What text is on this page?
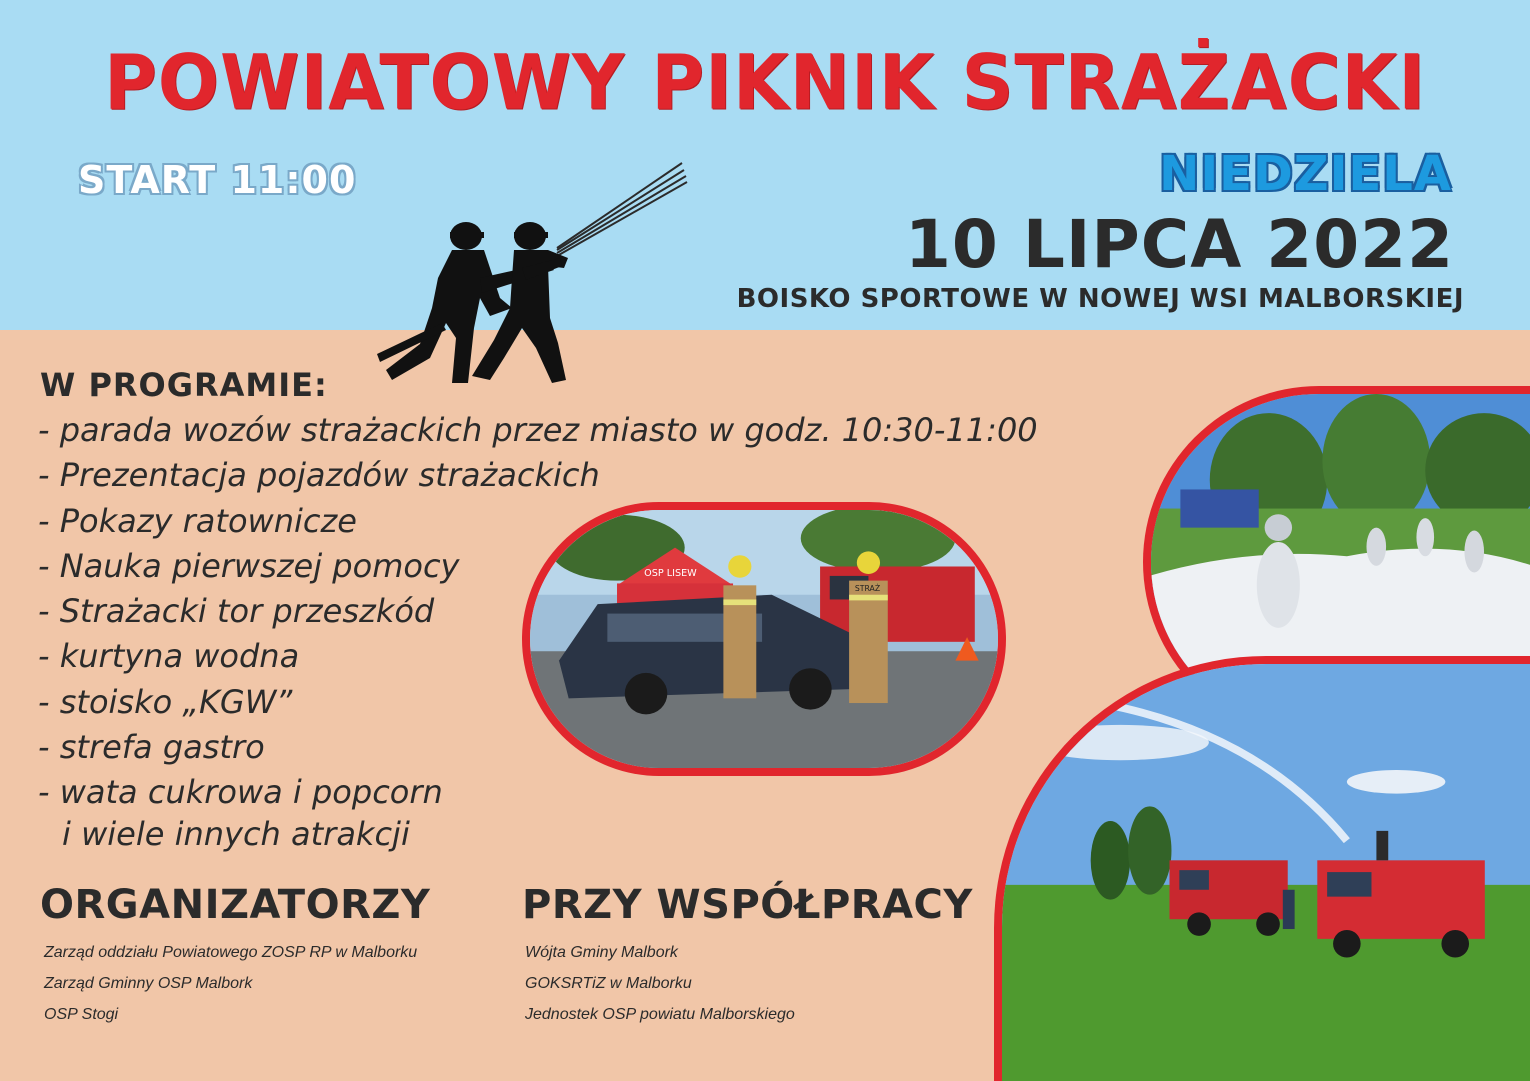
POWIATOWY PIKNIK STRAŻACKI
START 11:00	NIEDZIELA
10 LIPCA 2022
BOISKO SPORTOWE W NOWEJ WSI MALBORSKIEJ
W PROGRAMIE:
- parada wozów strażackich przez miasto w godz. 10:30-11:00
- Prezentacja pojazdów strażackich
- Pokazy ratownicze
- Nauka pierwszej pomocy
- Strażacki tor przeszkód
- kurtyna wodna
- stoisko „KGW”
- strefa gastro
- wata cukrowa i popcorn
i wiele innych atrakcji
ORGANIZATORZY
Zarząd oddziału Powiatowego ZOSP RP w Malborku
Zarząd Gminny OSP Malbork
OSP Stogi
PRZY WSPÓŁPRACY
Wójta Gminy Malbork
GOKSRTiZ w Malborku
Jednostek OSP powiatu Malborskiego
OSP LISEW
STRAŻ
